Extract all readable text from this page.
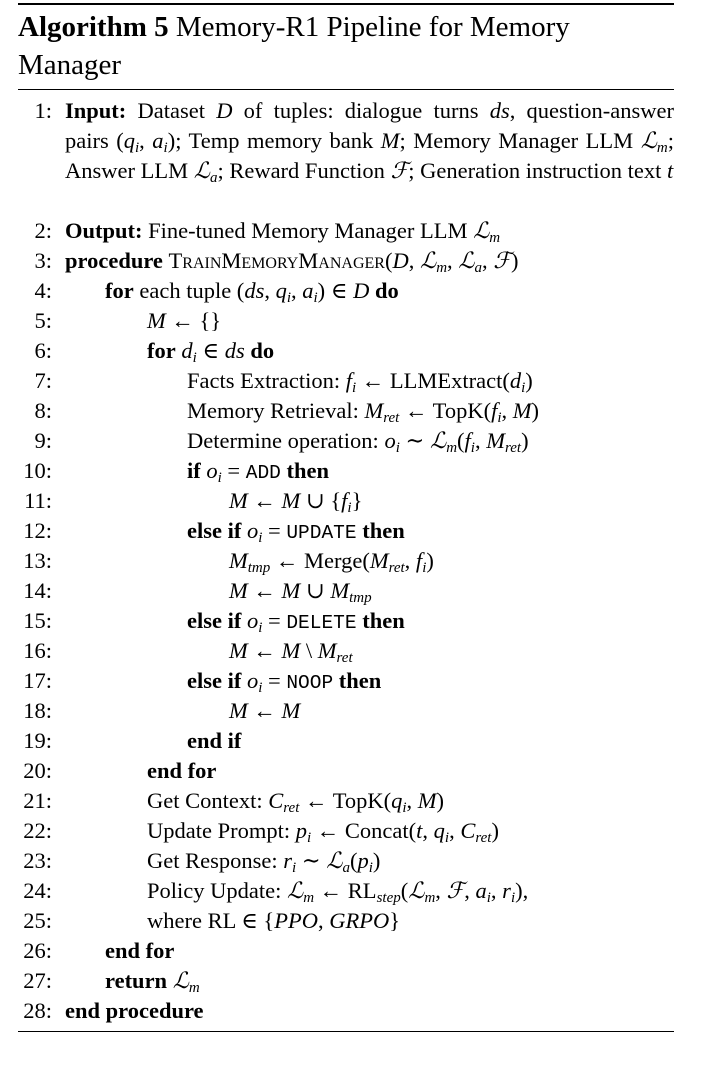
Algorithm 5 Memory-R1 Pipeline for Memory Manager
1: Input: Dataset D of tuples: dialogue turns ds, question-answer pairs ($q_i$, $a_i$); Temp memory bank M; Memory Manager LLM ℒ$_m$; Answer LLM ℒ$_a$; Reward Function ℱ; Generation instruction text t
2: Output: Fine-tuned Memory Manager LLM ℒ$_m$
3: procedure TrainMemoryManager(D, ℒ$_m$, ℒ$_a$, ℱ)
4: for each tuple (ds, $q_i$, $a_i$) ∈ D do
5:	M ← {}
6:	for $d_i$ ∈ ds do
7:	Facts Extraction: $f_i$ ← $LLMExtract(d_i)$
8:	Memory Retrieval: $M_{ret}$ ← $TopK(f_i$, M)
9:	Determine operation: $o_i$ ∼ $ℒ_m(f_i$, $M_{ret}$)
10:	if $o_i$ = ADD then
11:	M ← M ∪ $\{f_i\}$
12:	else if $o_i$ = UPDATE then
13:	$M_{tmp}$ ← $Merge(M_{ret}$, $f_i$)
14:	M ← M ∪ $M_{tmp}$
15:	else if $o_i$ = DELETE then
16:	M ← M \ $M_{ret}$
17:	else if $o_i$ = NOOP then
18:	M ← M
19:	end if
20:	end for
21:	Get Context: $C_{ret}$ ← $TopK(q_i$, M)
22:	Update Prompt: $p_i$ ← Concat(t, $q_i$, $C_{ret}$)
23:	Get Response: $r_i$ ∼ $ℒ_a(p_i)$
24:	Policy Update: ℒ$_m$ ← $RL_{step}(ℒ_m$, ℱ, $a_i$, $r_i$),
25:	where RL ∈ {PPO, GRPO}
26: end for
27: return ℒ$_m$
28: end procedure
